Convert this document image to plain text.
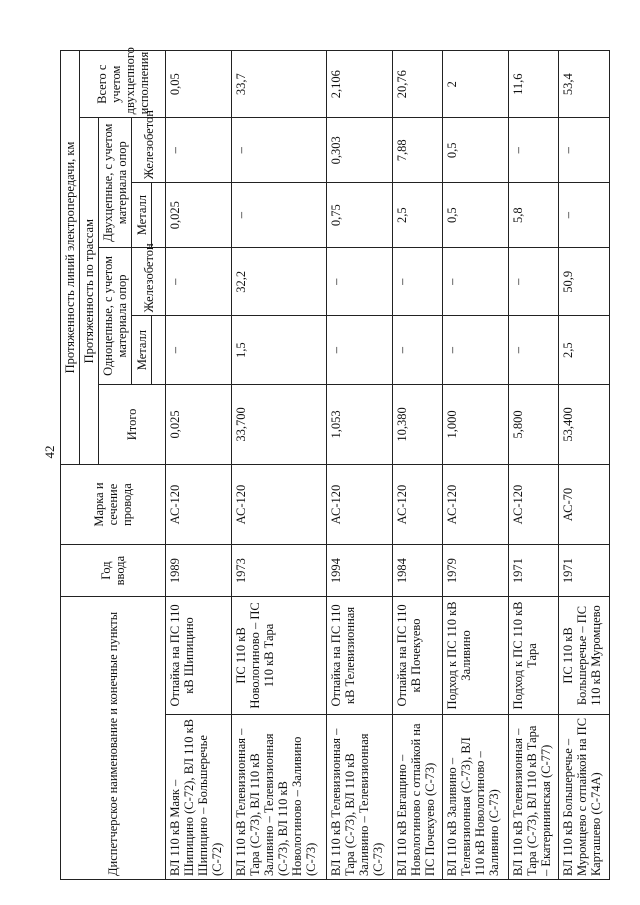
42
Диспетчерское наименование и конечные пункты		Год ввода	Марка и сечение провода	Протяженность линий электропередачи, км					
				Протяженность по трассам					Всего с учетом двухцепного исполнения
				Итого	Одноцепные, с учетом материала опор		Двухцепные, с учетом материала опор		
					Металл	Железобетон	Металл	Железобетон	

ВЛ 110 кВ Маяк – Шипицино (С-72), ВЛ 110 кВ Шипицино – Большеречье (С-72)	Отпайка на ПС 110 кВ Шипицино	1989	АС-120	0,025	–	–	0,025	–	0,05
ВЛ 110 кВ Телевизионная – Тара (С-73), ВЛ 110 кВ Заливино – Телевизионная (С-73), ВЛ 110 кВ Новологиново – Заливино (С-73)	ПС 110 кВ Новологиново – ПС 110 кВ Тара	1973	АС-120	33,700	1,5	32,2	–	–	33,7
ВЛ 110 кВ Телевизионная – Тара (С-73), ВЛ 110 кВ Заливино – Телевизионная (С-73)	Отпайка на ПС 110 кВ Телевизионная	1994	АС-120	1,053	–	–	0,75	0,303	2,106
ВЛ 110 кВ Евгащино – Новологиново с отпайкой на ПС Почекуево (С-73)	Отпайка на ПС 110 кВ Почекуево	1984	АС-120	10,380	–	–	2,5	7,88	20,76
ВЛ 110 кВ Заливино – Телевизионная (С-73), ВЛ 110 кВ Новологиново – Заливино (С-73)	Подход к ПС 110 кВ Заливино	1979	АС-120	1,000	–	–	0,5	0,5	2
ВЛ 110 кВ Телевизионная – Тара (С-73), ВЛ 110 кВ Тара – Екатерининская (С-77)	Подход к ПС 110 кВ Тара	1971	АС-120	5,800	–	–	5,8	–	11,6
ВЛ 110 кВ Большеречье – Муромцево с отпайкой на ПС Карташево (С-74А)	ПС 110 кВ Большеречье – ПС 110 кВ Муромцево	1971	АС-70	53,400	2,5	50,9	–	–	53,4
